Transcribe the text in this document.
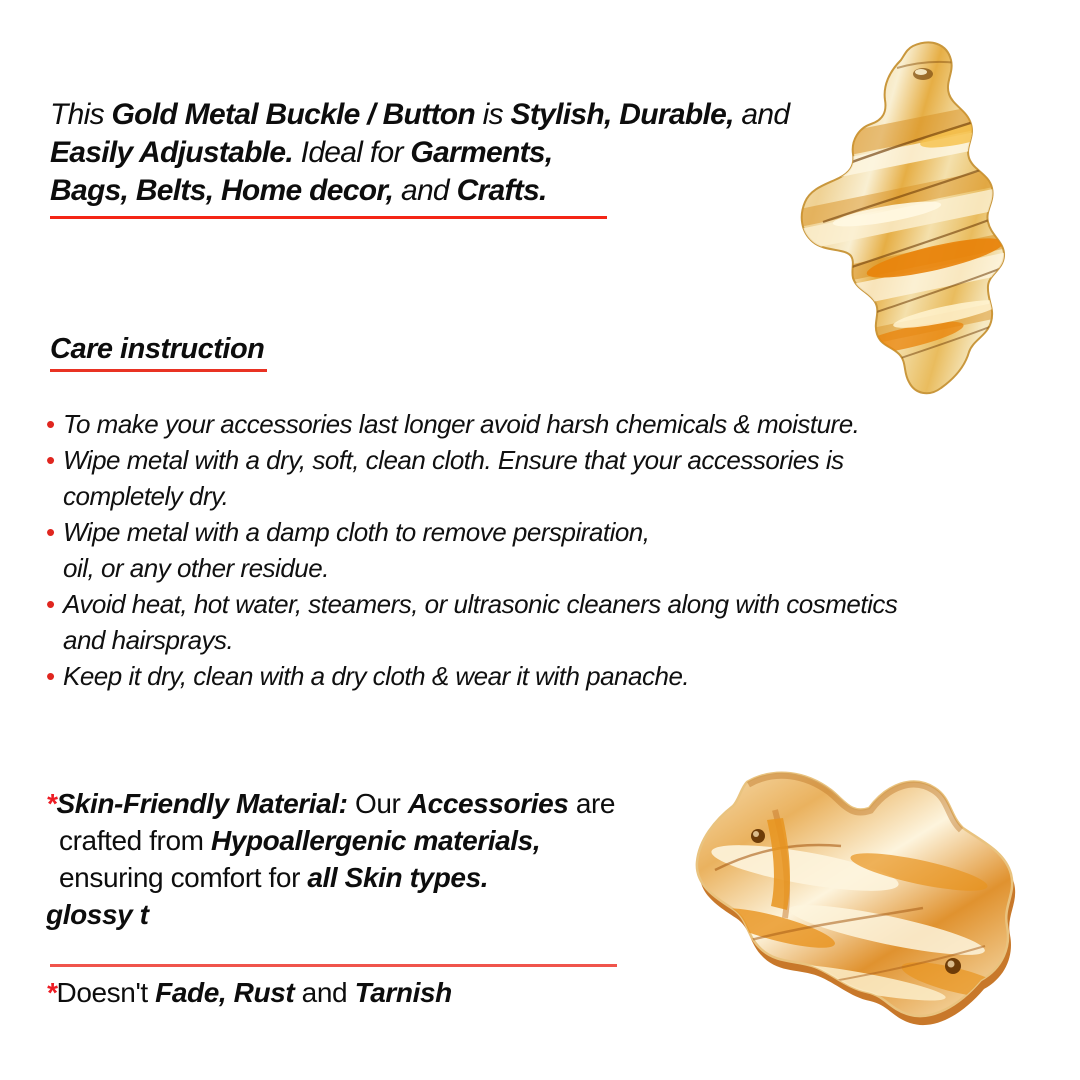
This Gold Metal Buckle / Button is Stylish, Durable, and
Easily Adjustable. Ideal for Garments,
Bags, Belts, Home decor, and Crafts.
Care instruction
• To make your accessories last longer avoid harsh chemicals & moisture.
• Wipe metal with a dry, soft, clean cloth. Ensure that your accessories is
completely dry.
• Wipe metal with a damp cloth to remove perspiration,
oil, or any other residue.
• Avoid heat, hot water, steamers, or ultrasonic cleaners along with cosmetics
and hairsprays.
• Keep it dry, clean with a dry cloth & wear it with panache.
*Skin-Friendly Material: Our Accessories are
crafted from Hypoallergenic materials,
ensuring comfort for all Skin types.
glossy t

*Doesn't Fade, Rust and Tarnish
